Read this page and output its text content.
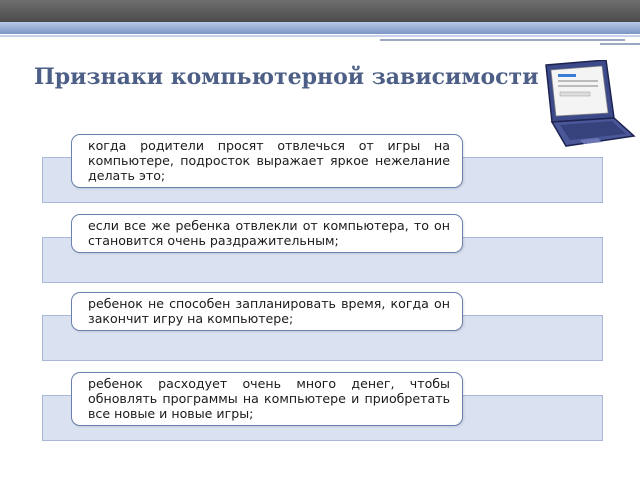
Признаки компьютерной зависимости
когда родители просят отвлечься от игры на компьютере, подросток выражает яркое нежелание делать это;
если все же ребенка отвлекли от компьютера, то он становится очень раздражительным;
ребенок не способен запланировать время, когда он закончит игру на компьютере;
ребенок расходует очень много денег, чтобы обновлять программы на компьютере и приобретать все новые и новые игры;
